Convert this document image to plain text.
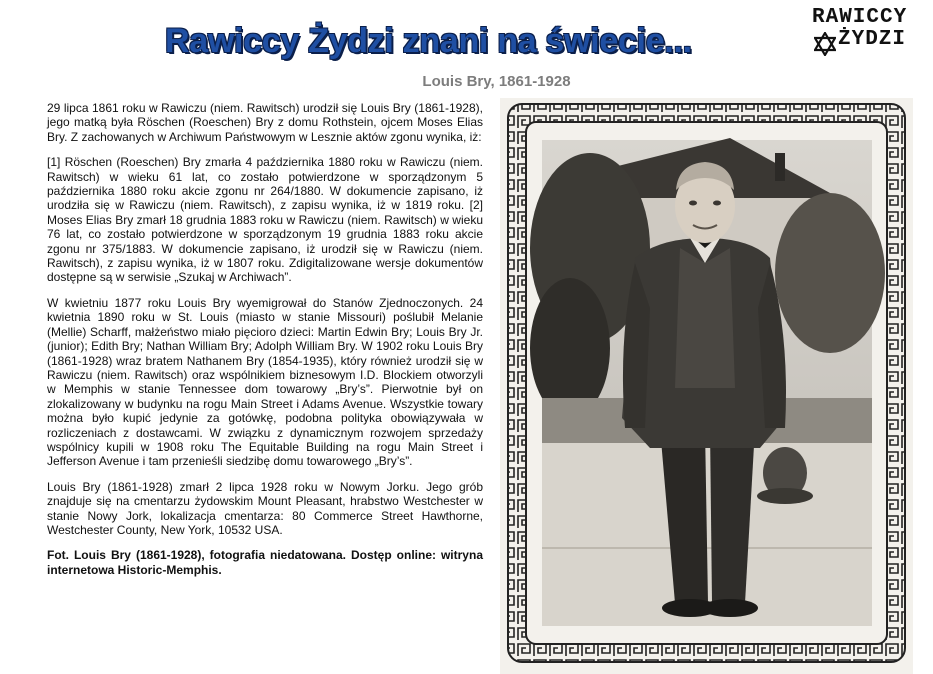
Rawiccy Żydzi znani na świecie...
Louis Bry, 1861-1928
RAWICCY
ŻYDZI

29 lipca 1861 roku w Rawiczu (niem. Rawitsch) urodził się Louis Bry (1861-1928), jego matką była Röschen (Roeschen) Bry z domu Rothstein, ojcem Moses Elias Bry. Z zachowanych w Archiwum Państwowym w Lesznie aktów zgonu wynika, iż:

[1] Röschen (Roeschen) Bry zmarła 4 października 1880 roku w Rawiczu (niem. Rawitsch) w wieku 61 lat, co zostało potwierdzone w sporządzonym 5 października 1880 roku akcie zgonu nr 264/1880. W dokumencie zapisano, iż urodziła się w Rawiczu (niem. Rawitsch), z zapisu wynika, iż w 1819 roku. [2] Moses Elias Bry zmarł 18 grudnia 1883 roku w Rawiczu (niem. Rawitsch) w wieku 76 lat, co zostało potwierdzone w sporządzonym 19 grudnia 1883 roku akcie zgonu nr 375/1883. W dokumencie zapisano, iż urodził się w Rawiczu (niem. Rawitsch), z zapisu wynika, iż w 1807 roku. Zdigitalizowane wersje dokumentów dostępne są w serwisie „Szukaj w Archiwach”.

W kwietniu 1877 roku Louis Bry wyemigrował do Stanów Zjednoczonych. 24 kwietnia 1890 roku w St. Louis (miasto w stanie Missouri) poślubił Melanie (Mellie) Scharff, małżeństwo miało pięcioro dzieci: Martin Edwin Bry; Louis Bry Jr. (junior); Edith Bry; Nathan William Bry; Adolph William Bry. W 1902 roku Louis Bry (1861-1928) wraz bratem Nathanem Bry (1854-1935), który również urodził się w Rawiczu (niem. Rawitsch) oraz wspólnikiem biznesowym I.D. Blockiem otworzyli w Memphis w stanie Tennessee dom towarowy „Bry’s”. Pierwotnie był on zlokalizowany w budynku na rogu Main Street i Adams Avenue. Wszystkie towary można było kupić jedynie za gotówkę, podobna polityka obowiązywała w rozliczeniach z dostawcami. W związku z dynamicznym rozwojem sprzedaży wspólnicy kupili w 1908 roku The Equitable Building na rogu Main Street i Jefferson Avenue i tam przenieśli siedzibę domu towarowego „Bry’s”.

Louis Bry (1861-1928) zmarł 2 lipca 1928 roku w Nowym Jorku. Jego grób znajduje się na cmentarzu żydowskim Mount Pleasant, hrabstwo Westchester w stanie Nowy Jork, lokalizacja cmentarza: 80 Commerce Street Hawthorne, Westchester County, New York, 10532 USA.

Fot. Louis Bry (1861-1928), fotografia niedatowana. Dostęp online: witryna internetowa Historic-Memphis.
